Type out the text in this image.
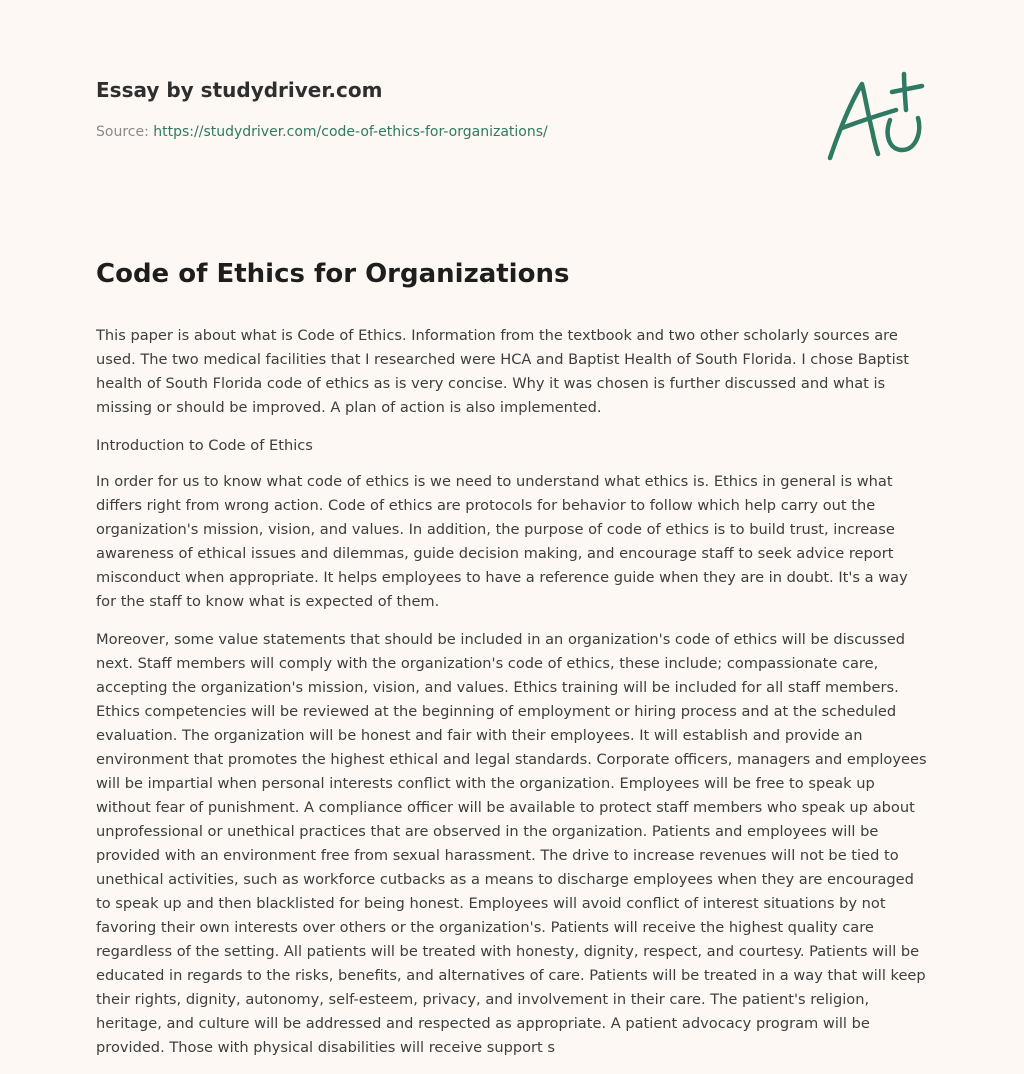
Essay by studydriver.com
Source: https://studydriver.com/code-of-ethics-for-organizations/
Code of Ethics for Organizations

This paper is about what is Code of Ethics. Information from the textbook and two other scholarly sources are used. The two medical facilities that I researched were HCA and Baptist Health of South Florida. I chose Baptist health of South Florida code of ethics as is very concise. Why it was chosen is further discussed and what is missing or should be improved. A plan of action is also implemented.

Introduction to Code of Ethics

In order for us to know what code of ethics is we need to understand what ethics is. Ethics in general is what differs right from wrong action. Code of ethics are protocols for behavior to follow which help carry out the organization's mission, vision, and values. In addition, the purpose of code of ethics is to build trust, increase awareness of ethical issues and dilemmas, guide decision making, and encourage staff to seek advice report misconduct when appropriate. It helps employees to have a reference guide when they are in doubt. It's a way for the staff to know what is expected of them.

Moreover, some value statements that should be included in an organization's code of ethics will be discussed next. Staff members will comply with the organization's code of ethics, these include; compassionate care, accepting the organization's mission, vision, and values. Ethics training will be included for all staff members. Ethics competencies will be reviewed at the beginning of employment or hiring process and at the scheduled evaluation. The organization will be honest and fair with their employees. It will establish and provide an environment that promotes the highest ethical and legal standards. Corporate officers, managers and employees will be impartial when personal interests conflict with the organization. Employees will be free to speak up without fear of punishment. A compliance officer will be available to protect staff members who speak up about unprofessional or unethical practices that are observed in the organization. Patients and employees will be provided with an environment free from sexual harassment. The drive to increase revenues will not be tied to unethical activities, such as workforce cutbacks as a means to discharge employees when they are encouraged to speak up and then blacklisted for being honest. Employees will avoid conflict of interest situations by not favoring their own interests over others or the organization's. Patients will receive the highest quality care regardless of the setting. All patients will be treated with honesty, dignity, respect, and courtesy. Patients will be educated in regards to the risks, benefits, and alternatives of care. Patients will be treated in a way that will keep their rights, dignity, autonomy, self-esteem, privacy, and involvement in their care. The patient's religion, heritage, and culture will be addressed and respected as appropriate. A patient advocacy program will be provided. Those with physical disabilities will receive support s
